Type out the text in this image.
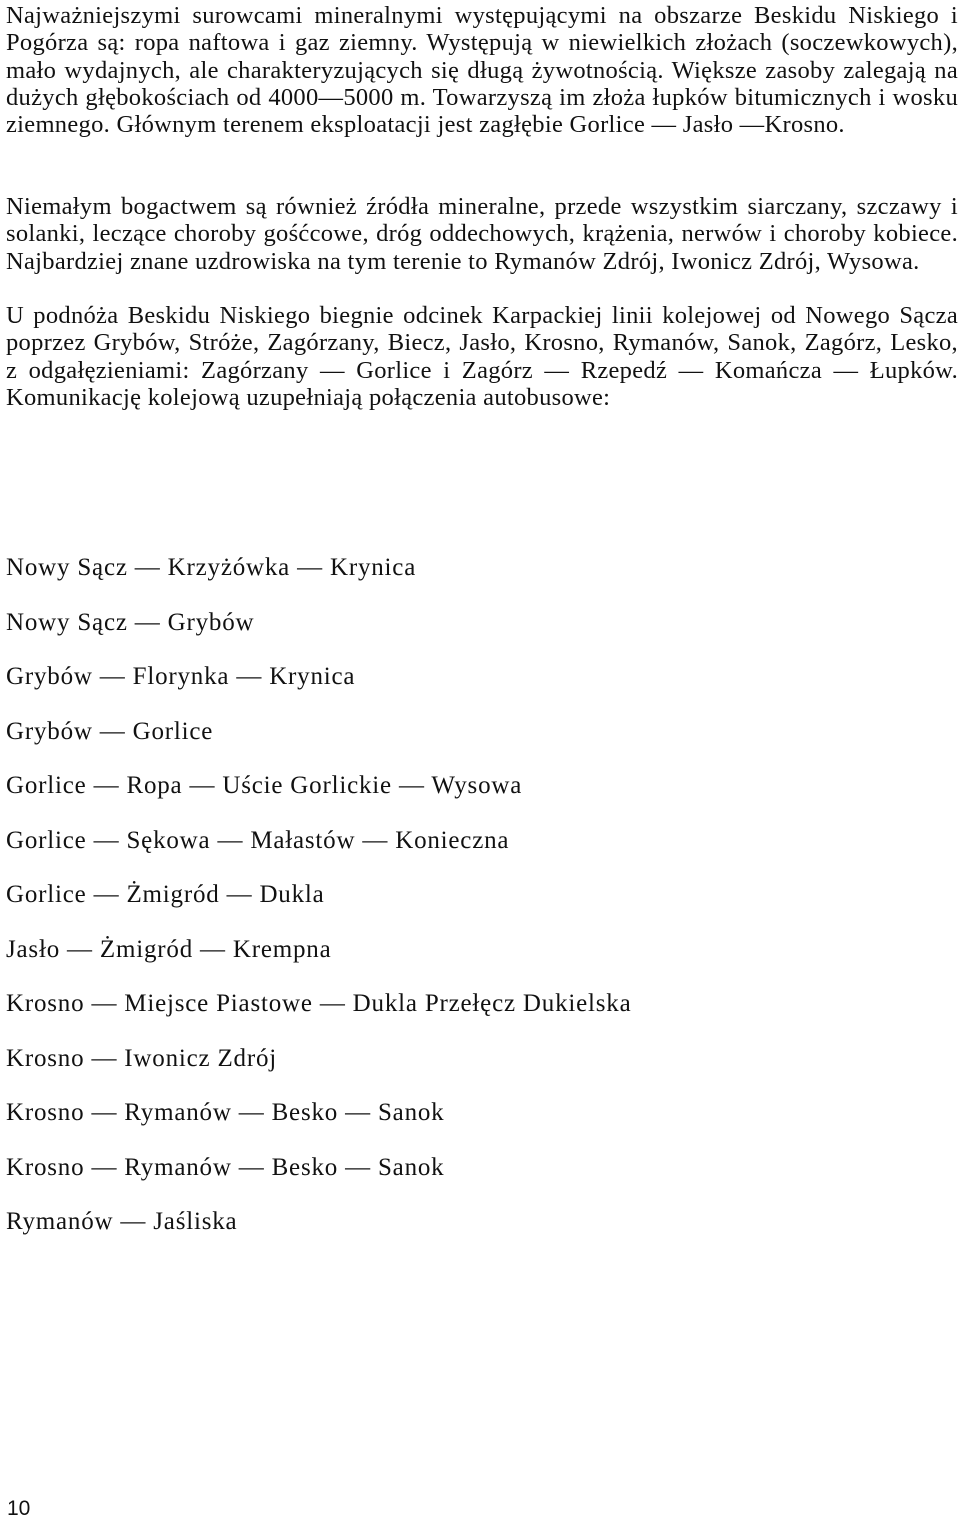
Najważniejszymi surowcami mineralnymi występującymi na obszarze Beskidu Niskiego i Pogórza są: ropa naftowa i gaz ziemny. Występują w niewielkich złożach (soczewkowych), mało wydajnych, ale charakteryzujących się długą żywotnością. Większe zasoby zalegają na dużych głębokościach od 4000—5000 m. Towarzyszą im złoża łupków bitumicznych i wosku ziemnego. Głównym terenem eksploatacji jest zagłębie Gorlice — Jasło —Krosno.

Niemałym bogactwem są również źródła mineralne, przede wszystkim siarczany, szczawy i solanki, leczące choroby gośćcowe, dróg oddechowych, krążenia, nerwów i choroby kobiece. Najbardziej znane uzdrowiska na tym terenie to Rymanów Zdrój, Iwonicz Zdrój, Wysowa.

U podnóża Beskidu Niskiego biegnie odcinek Karpackiej linii kolejowej od Nowego Sącza poprzez Grybów, Stróże, Zagórzany, Biecz, Jasło, Krosno, Rymanów, Sanok, Zagórz, Lesko, z odgałęzieniami: Zagórzany — Gorlice i Zagórz — Rzepedź — Komańcza — Łupków. Komunikację kolejową uzupełniają połączenia autobusowe:

Nowy Sącz — Krzyżówka — Krynica
Nowy Sącz — Grybów
Grybów — Florynka — Krynica
Grybów — Gorlice
Gorlice — Ropa — Uście Gorlickie — Wysowa
Gorlice — Sękowa — Małastów — Konieczna
Gorlice — Żmigród — Dukla
Jasło — Żmigród — Krempna
Krosno — Miejsce Piastowe — Dukla Przełęcz Dukielska
Krosno — Iwonicz Zdrój
Krosno — Rymanów — Besko — Sanok
Krosno — Rymanów — Besko — Sanok
Rymanów — Jaśliska
10
